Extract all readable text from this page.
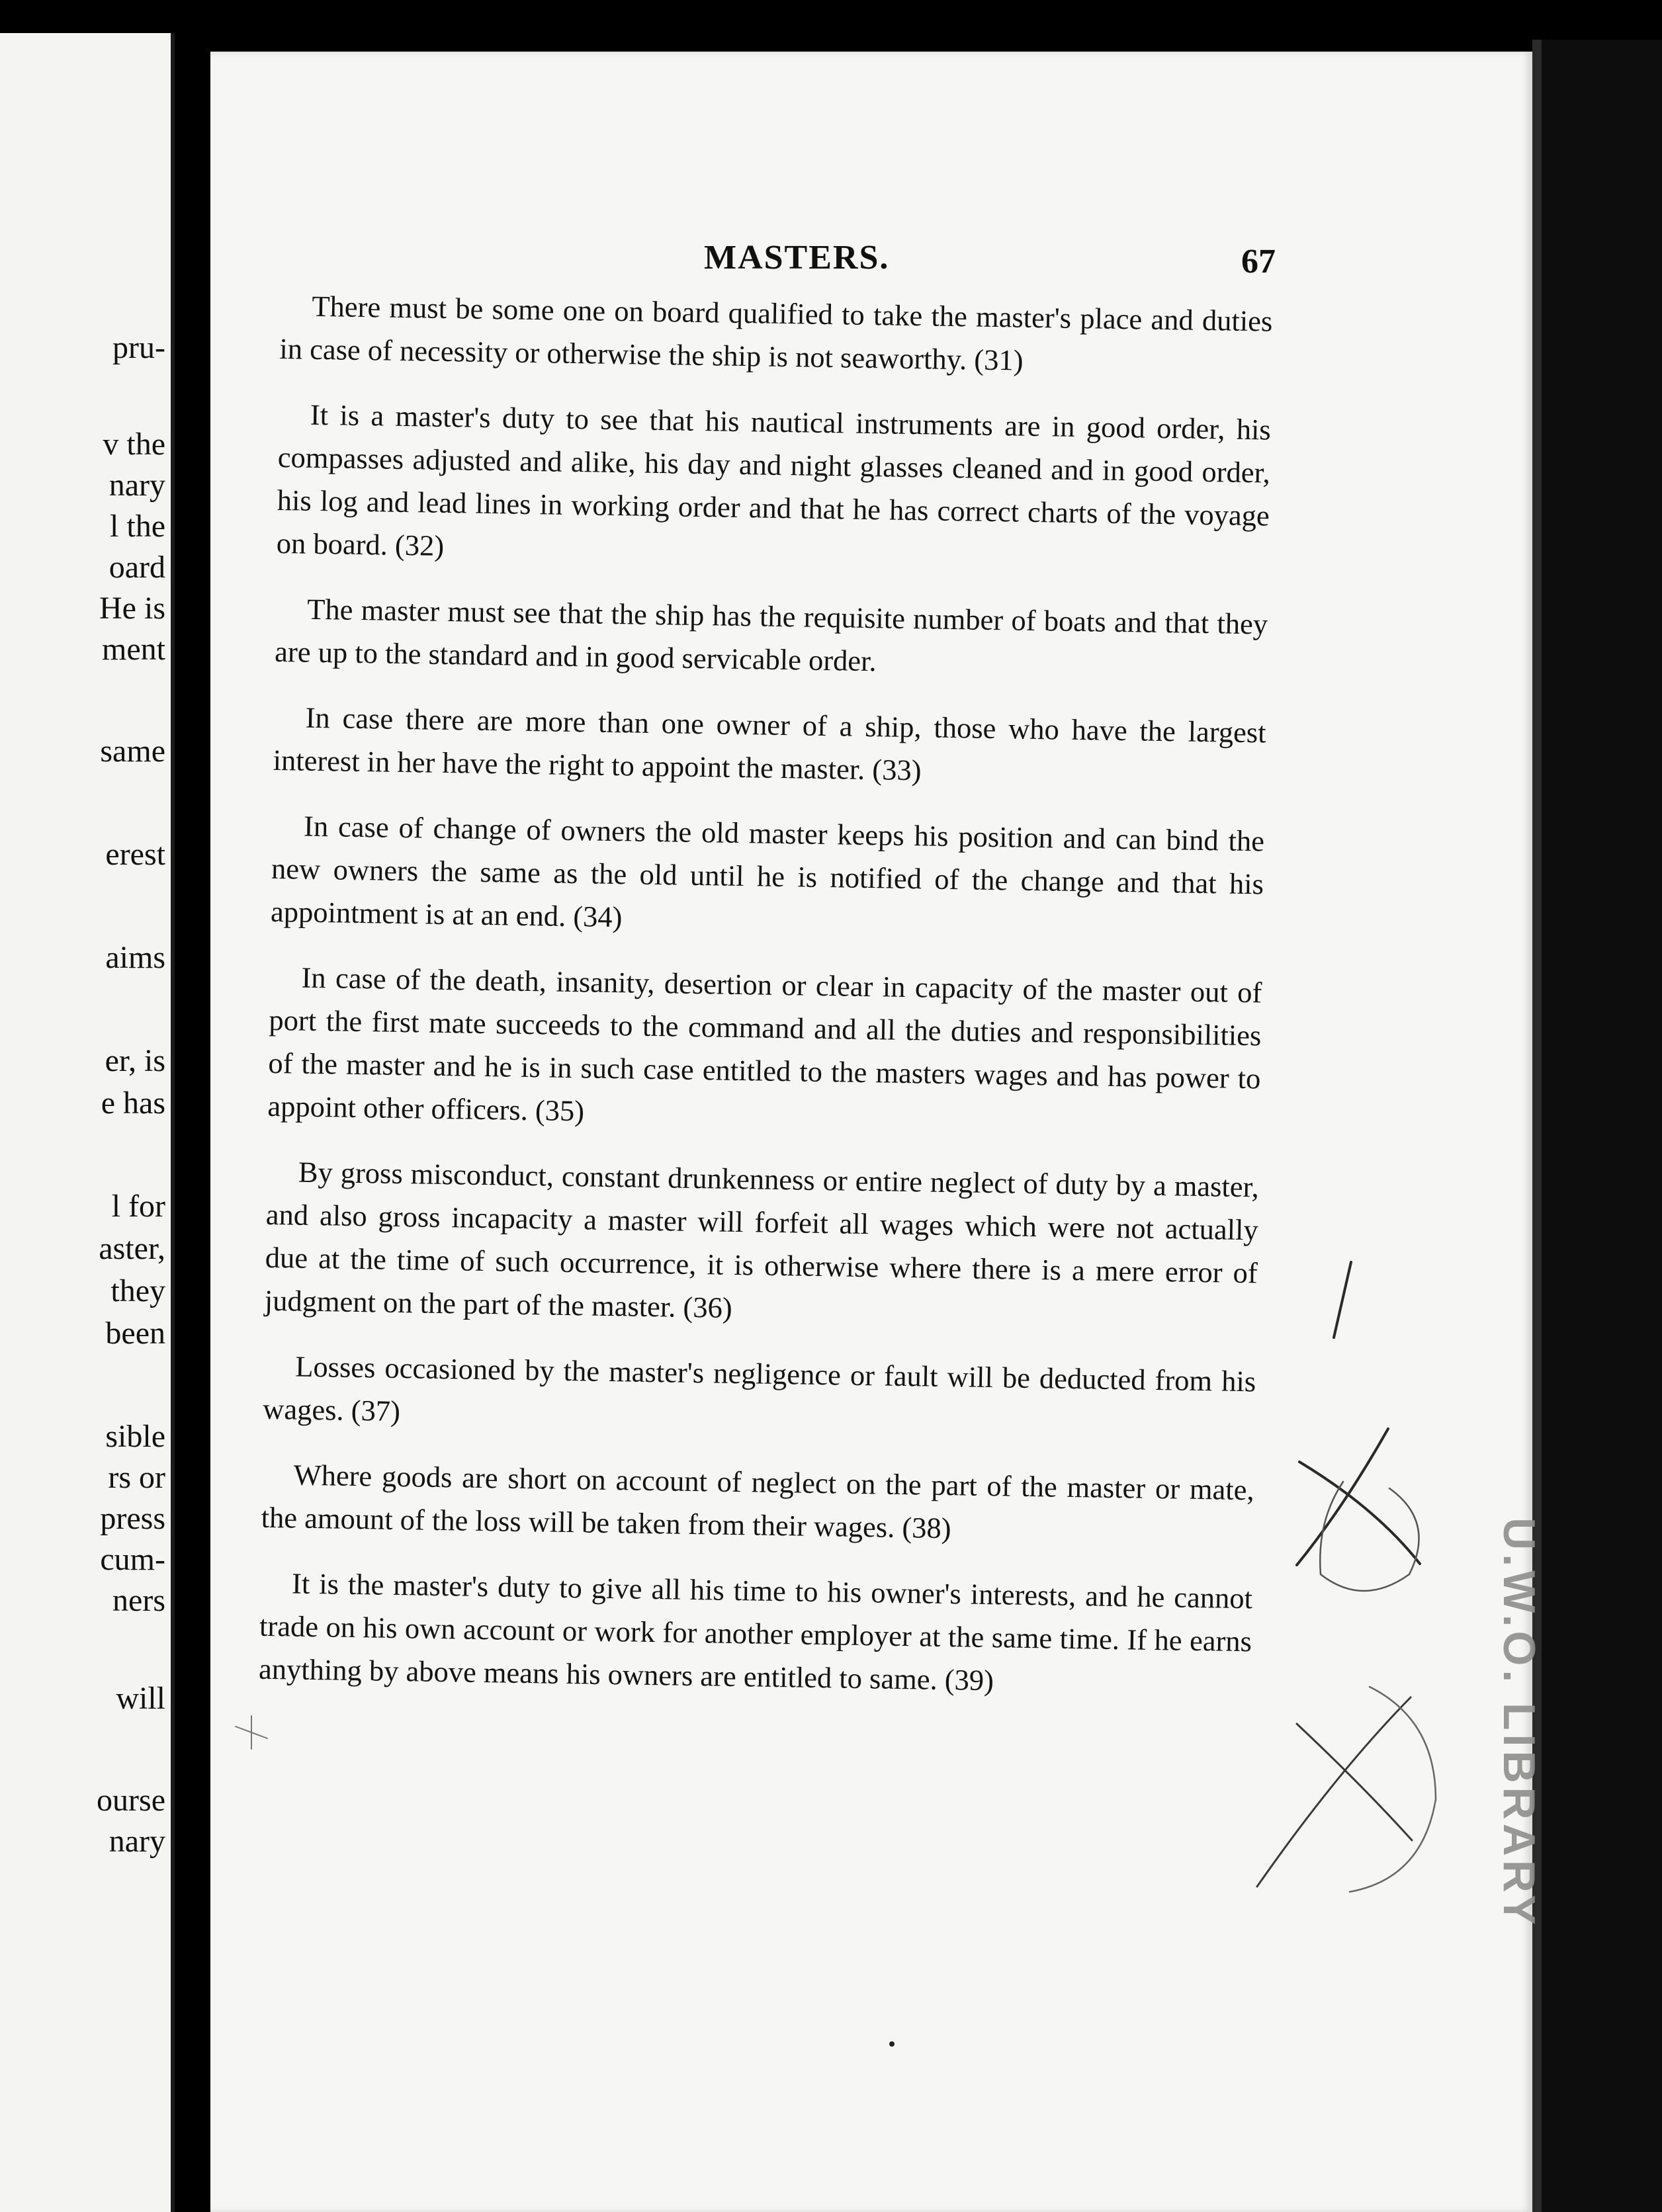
pru-
v the
nary
l the
oard
He is
ment
same
erest
aims
er, is
e has
l for
aster,
they
been
sible
rs or
press
cum-
ners
will
ourse
nary
MASTERS.	67

There must be some one on board qualified to take the master's place and duties in case of necessity or otherwise the ship is not seaworthy. (31)

It is a master's duty to see that his nautical instruments are in good order, his compasses adjusted and alike, his day and night glasses cleaned and in good order, his log and lead lines in working order and that he has correct charts of the voyage on board. (32)

The master must see that the ship has the requisite number of boats and that they are up to the standard and in good servicable order.

In case there are more than one owner of a ship, those who have the largest interest in her have the right to appoint the master. (33)

In case of change of owners the old master keeps his position and can bind the new owners the same as the old until he is notified of the change and that his appointment is at an end. (34)

In case of the death, insanity, desertion or clear in capacity of the master out of port the first mate succeeds to the command and all the duties and responsibilities of the master and he is in such case entitled to the masters wages and has power to appoint other officers. (35)

By gross misconduct, constant drunkenness or entire neglect of duty by a master, and also gross incapacity a master will forfeit all wages which were not actually due at the time of such occurrence, it is otherwise where there is a mere error of judgment on the part of the master. (36)

Losses occasioned by the master's negligence or fault will be deducted from his wages. (37)

Where goods are short on account of neglect on the part of the master or mate, the amount of the loss will be taken from their wages. (38)

It is the master's duty to give all his time to his owner's interests, and he cannot trade on his own account or work for another employer at the same time. If he earns anything by above means his owners are entitled to same. (39)	U.W.O. LIBRARY
